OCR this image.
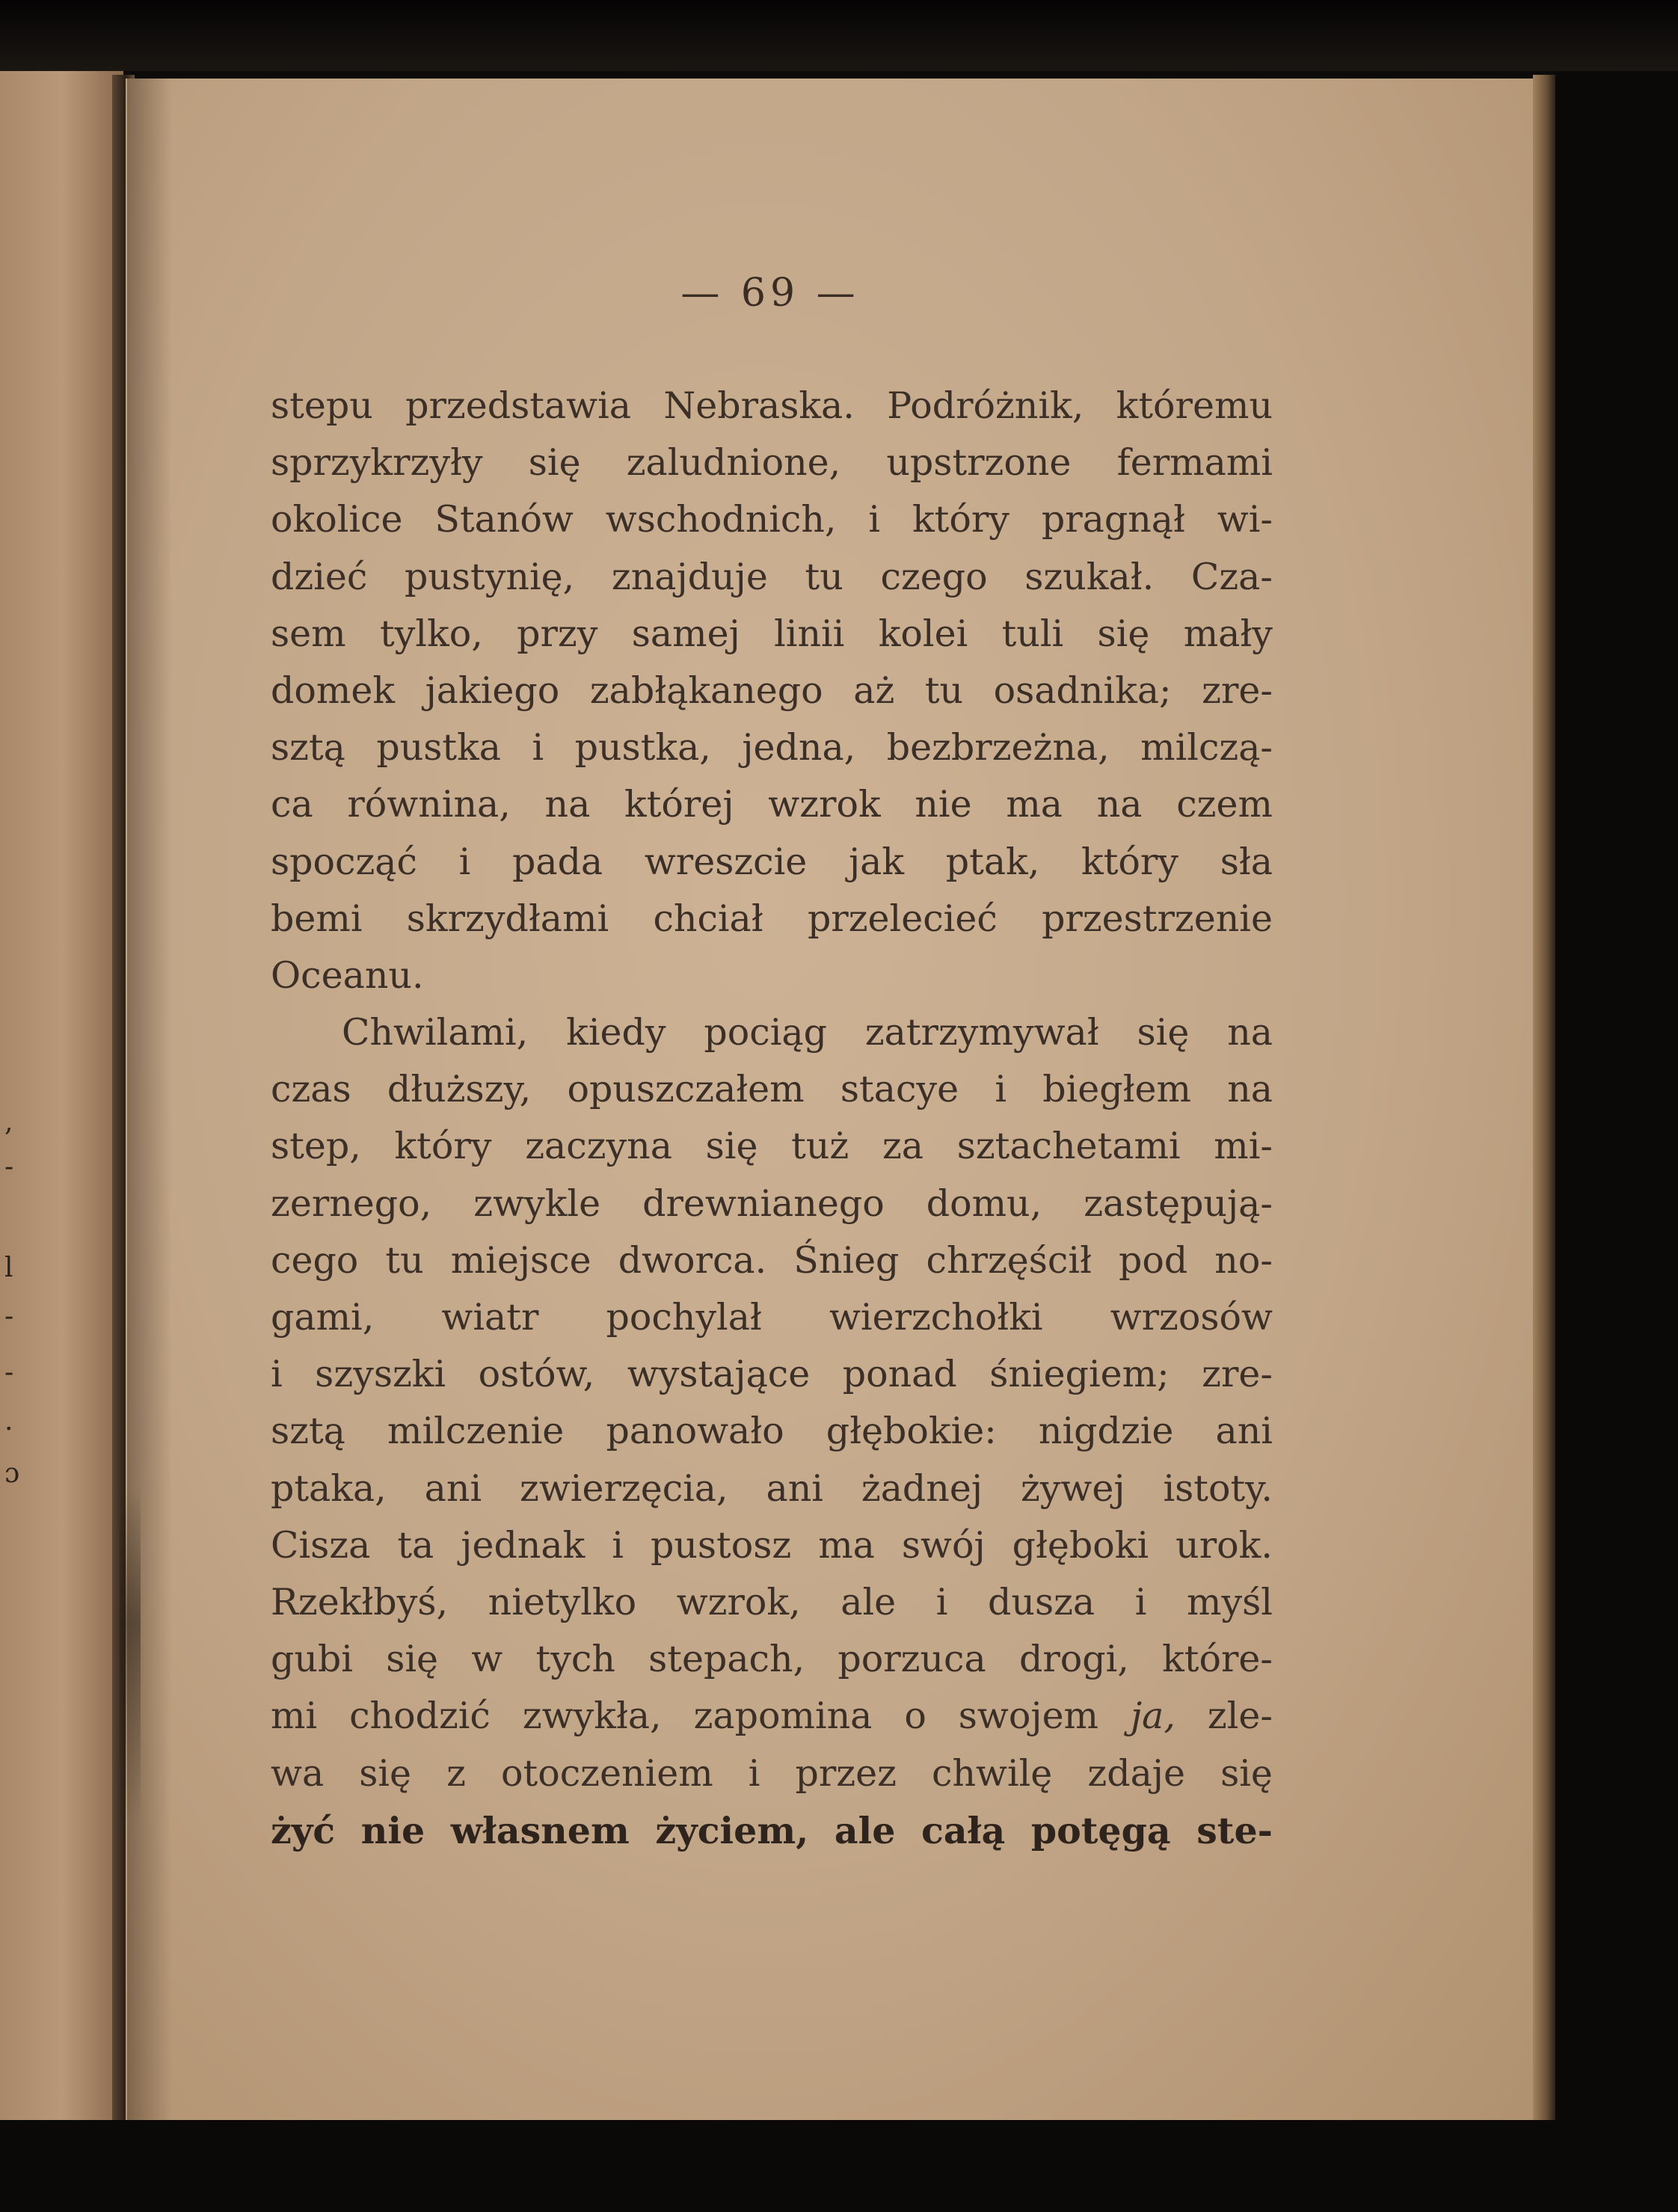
,
-
l
-
-
.
ɔ
— 69 —
stepu przedstawia Nebraska. Podróżnik, któremu
sprzykrzyły się zaludnione, upstrzone fermami
okolice Stanów wschodnich, i który pragnął wi-
dzieć pustynię, znajduje tu czego szukał. Cza-
sem tylko, przy samej linii kolei tuli się mały
domek jakiego zabłąkanego aż tu osadnika; zre-
sztą pustka i pustka, jedna, bezbrzeżna, milczą-
ca równina, na której wzrok nie ma na czem
spocząć i pada wreszcie jak ptak, który sła
bemi skrzydłami chciał przelecieć przestrzenie
Oceanu.
Chwilami, kiedy pociąg zatrzymywał się na
czas dłuższy, opuszczałem stacye i biegłem na
step, który zaczyna się tuż za sztachetami mi-
zernego, zwykle drewnianego domu, zastępują-
cego tu miejsce dworca. Śnieg chrzęścił pod no-
gami, wiatr pochylał wierzchołki wrzosów
i szyszki ostów, wystające ponad śniegiem; zre-
sztą milczenie panowało głębokie: nigdzie ani
ptaka, ani zwierzęcia, ani żadnej żywej istoty.
Cisza ta jednak i pustosz ma swój głęboki urok.
Rzekłbyś, nietylko wzrok, ale i dusza i myśl
gubi się w tych stepach, porzuca drogi, które-
mi chodzić zwykła, zapomina o swojem ja, zle-
wa się z otoczeniem i przez chwilę zdaje się
żyć nie własnem życiem, ale całą potęgą ste-
